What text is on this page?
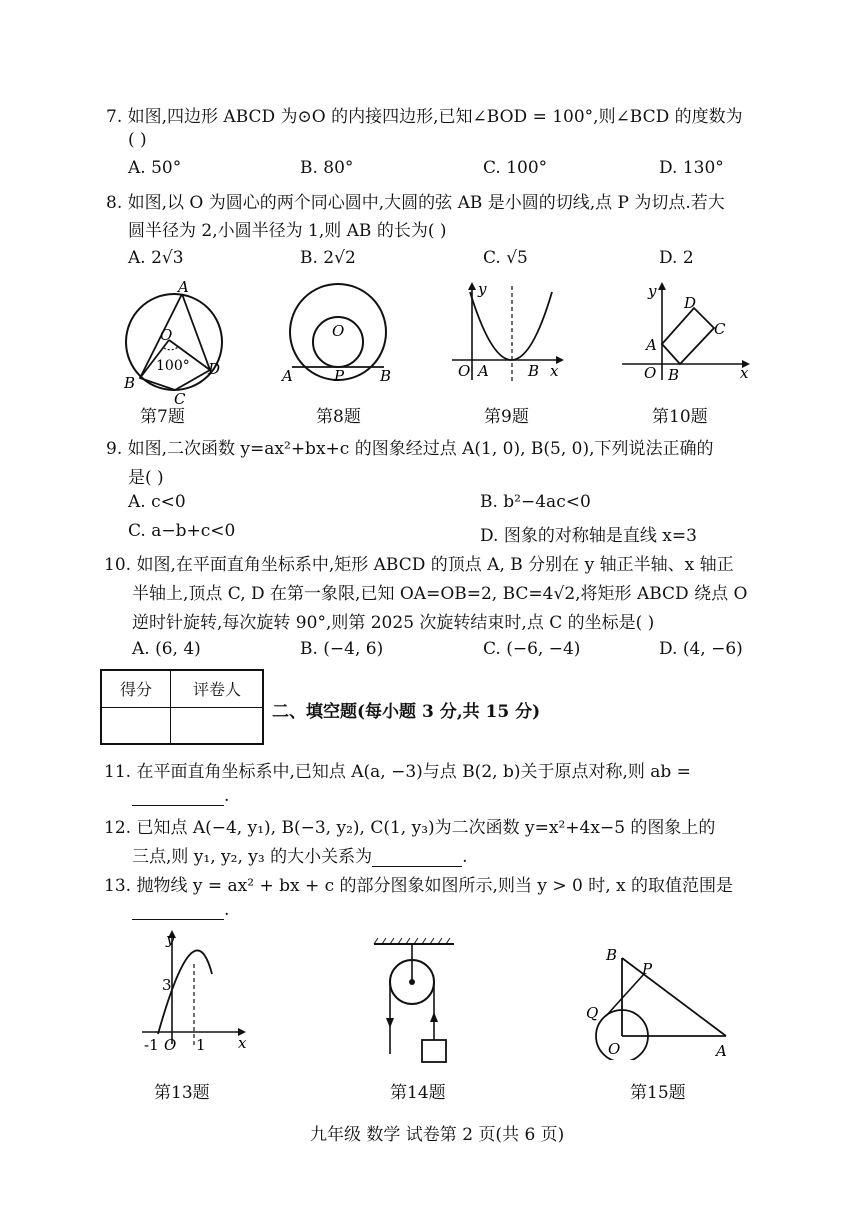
7. 如图,四边形 ABCD 为⊙O 的内接四边形,已知∠BOD = 100°,则∠BCD 的度数为
( )
A. 50°	B. 80°	C. 100°	D. 130°
8. 如图,以 O 为圆心的两个同心圆中,大圆的弦 AB 是小圆的切线,点 P 为切点.若大
圆半径为 2,小圆半径为 1,则 AB 的长为( )
A. 2√3	B. 2√2	C. √5	D. 2
A
O
100°
B
C
D
O
A	P B
y
O A	B x
y
D
C
A
O B	x
第7题	第8题	第9题	第10题
9. 如图,二次函数 y=ax²+bx+c 的图象经过点 A(1, 0), B(5, 0),下列说法正确的
是( )
A. c<0	B. b²−4ac<0
C. a−b+c<0	D. 图象的对称轴是直线 x=3
10. 如图,在平面直角坐标系中,矩形 ABCD 的顶点 A, B 分别在 y 轴正半轴、x 轴正
半轴上,顶点 C, D 在第一象限,已知 OA=OB=2, BC=4√2,将矩形 ABCD 绕点 O
逆时针旋转,每次旋转 90°,则第 2025 次旋转结束时,点 C 的坐标是( )
A. (6, 4)	B. (−4, 6)	C. (−6, −4)	D. (4, −6)
得分	评卷人
二、填空题(每小题 3 分,共 15 分)
11. 在平面直角坐标系中,已知点 A(a, −3)与点 B(2, b)关于原点对称,则 ab =
.
12. 已知点 A(−4, y₁), B(−3, y₂), C(1, y₃)为二次函数 y=x²+4x−5 的图象上的
三点,则 y₁, y₂, y₃ 的大小关系为	.
13. 抛物线 y = ax² + bx + c 的部分图象如图所示,则当 y > 0 时, x 的取值范围是
.
y
3
-1 O 1 x
B
P
Q
O	A
第13题	第14题	第15题
九年级 数学 试卷第 2 页(共 6 页)
